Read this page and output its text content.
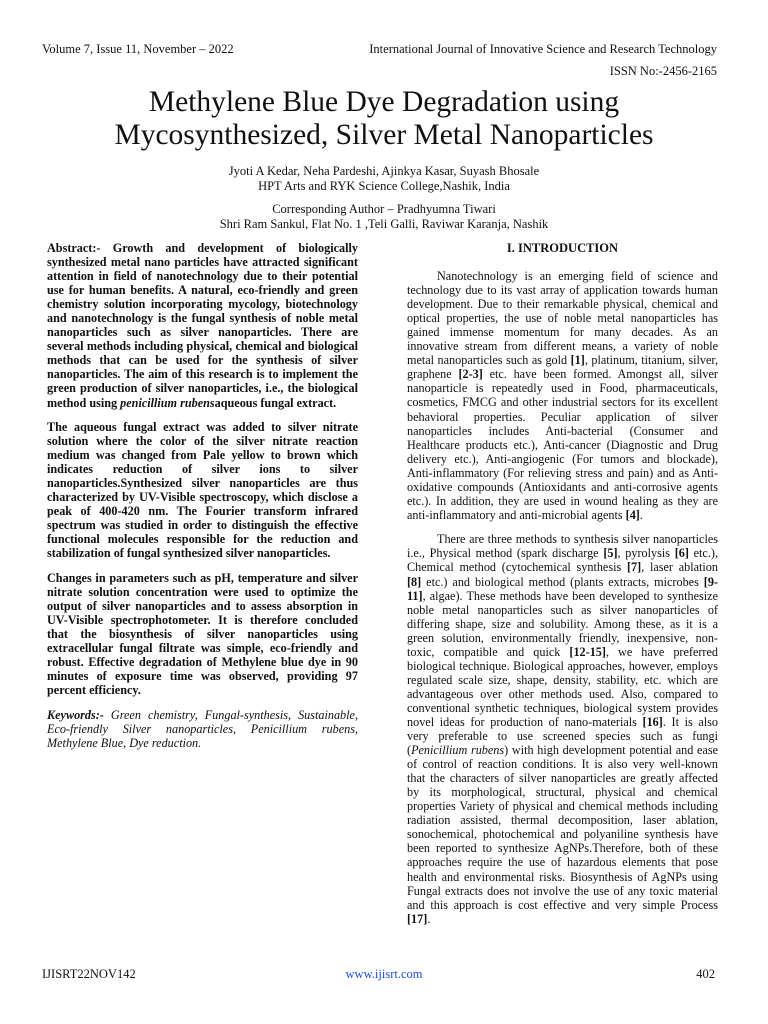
Volume 7, Issue 11, November – 2022	International Journal of Innovative Science and Research Technology
ISSN No:-2456-2165
Methylene Blue Dye Degradation using
Mycosynthesized, Silver Metal Nanoparticles
Jyoti A Kedar, Neha Pardeshi, Ajinkya Kasar, Suyash Bhosale
HPT Arts and RYK Science College,Nashik, India
Corresponding Author – Pradhyumna Tiwari
Shri Ram Sankul, Flat No. 1 ,Teli Galli, Raviwar Karanja, Nashik

Abstract:- Growth and development of biologically synthesized metal nano particles have attracted significant attention in field of nanotechnology due to their potential use for human benefits. A natural, eco-friendly and green chemistry solution incorporating mycology, biotechnology and nanotechnology is the fungal synthesis of noble metal nanoparticles such as silver nanoparticles. There are several methods including physical, chemical and biological methods that can be used for the synthesis of silver nanoparticles. The aim of this research is to implement the green production of silver nanoparticles, i.e., the biological method using penicillium rubensaqueous fungal extract.

The aqueous fungal extract was added to silver nitrate solution where the color of the silver nitrate reaction medium was changed from Pale yellow to brown which indicates reduction of silver ions to silver nanoparticles.Synthesized silver nanoparticles are thus characterized by UV-Visible spectroscopy, which disclose a peak of 400-420 nm. The Fourier transform infrared spectrum was studied in order to distinguish the effective functional molecules responsible for the reduction and stabilization of fungal synthesized silver nanoparticles.

Changes in parameters such as pH, temperature and silver nitrate solution concentration were used to optimize the output of silver nanoparticles and to assess absorption in UV-Visible spectrophotometer. It is therefore concluded that the biosynthesis of silver nanoparticles using extracellular fungal filtrate was simple, eco-friendly and robust. Effective degradation of Methylene blue dye in 90 minutes of exposure time was observed, providing 97 percent efficiency.

Keywords:- Green chemistry, Fungal-synthesis, Sustainable, Eco-friendly Silver nanoparticles, Penicillium rubens, Methylene Blue, Dye reduction.

I. INTRODUCTION

Nanotechnology is an emerging field of science and technology due to its vast array of application towards human development. Due to their remarkable physical, chemical and optical properties, the use of noble metal nanoparticles has gained immense momentum for many decades. As an innovative stream from different means, a variety of noble metal nanoparticles such as gold [1], platinum, titanium, silver, graphene [2-3] etc. have been formed. Amongst all, silver nanoparticle is repeatedly used in Food, pharmaceuticals, cosmetics, FMCG and other industrial sectors for its excellent behavioral properties. Peculiar application of silver nanoparticles includes Anti-bacterial (Consumer and Healthcare products etc.), Anti-cancer (Diagnostic and Drug delivery etc.), Anti-angiogenic (For tumors and blockade), Anti-inflammatory (For relieving stress and pain) and as Anti-oxidative compounds (Antioxidants and anti-corrosive agents etc.). In addition, they are used in wound healing as they are anti-inflammatory and anti-microbial agents [4].

There are three methods to synthesis silver nanoparticles i.e., Physical method (spark discharge [5], pyrolysis [6] etc.), Chemical method (cytochemical synthesis [7], laser ablation [8] etc.) and biological method (plants extracts, microbes [9-11], algae). These methods have been developed to synthesize noble metal nanoparticles such as silver nanoparticles of differing shape, size and solubility. Among these, as it is a green solution, environmentally friendly, inexpensive, non-toxic, compatible and quick [12-15], we have preferred biological technique. Biological approaches, however, employs regulated scale size, shape, density, stability, etc. which are advantageous over other methods used. Also, compared to conventional synthetic techniques, biological system provides novel ideas for production of nano-materials [16]. It is also very preferable to use screened species such as fungi (Penicillium rubens) with high development potential and ease of control of reaction conditions. It is also very well-known that the characters of silver nanoparticles are greatly affected by its morphological, structural, physical and chemical properties Variety of physical and chemical methods including radiation assisted, thermal decomposition, laser ablation, sonochemical, photochemical and polyaniline synthesis have been reported to synthesize AgNPs.Therefore, both of these approaches require the use of hazardous elements that pose health and environmental risks. Biosynthesis of AgNPs using Fungal extracts does not involve the use of any toxic material and this approach is cost effective and very simple Process [17].

IJISRT22NOV142	www.ijisrt.com	402
